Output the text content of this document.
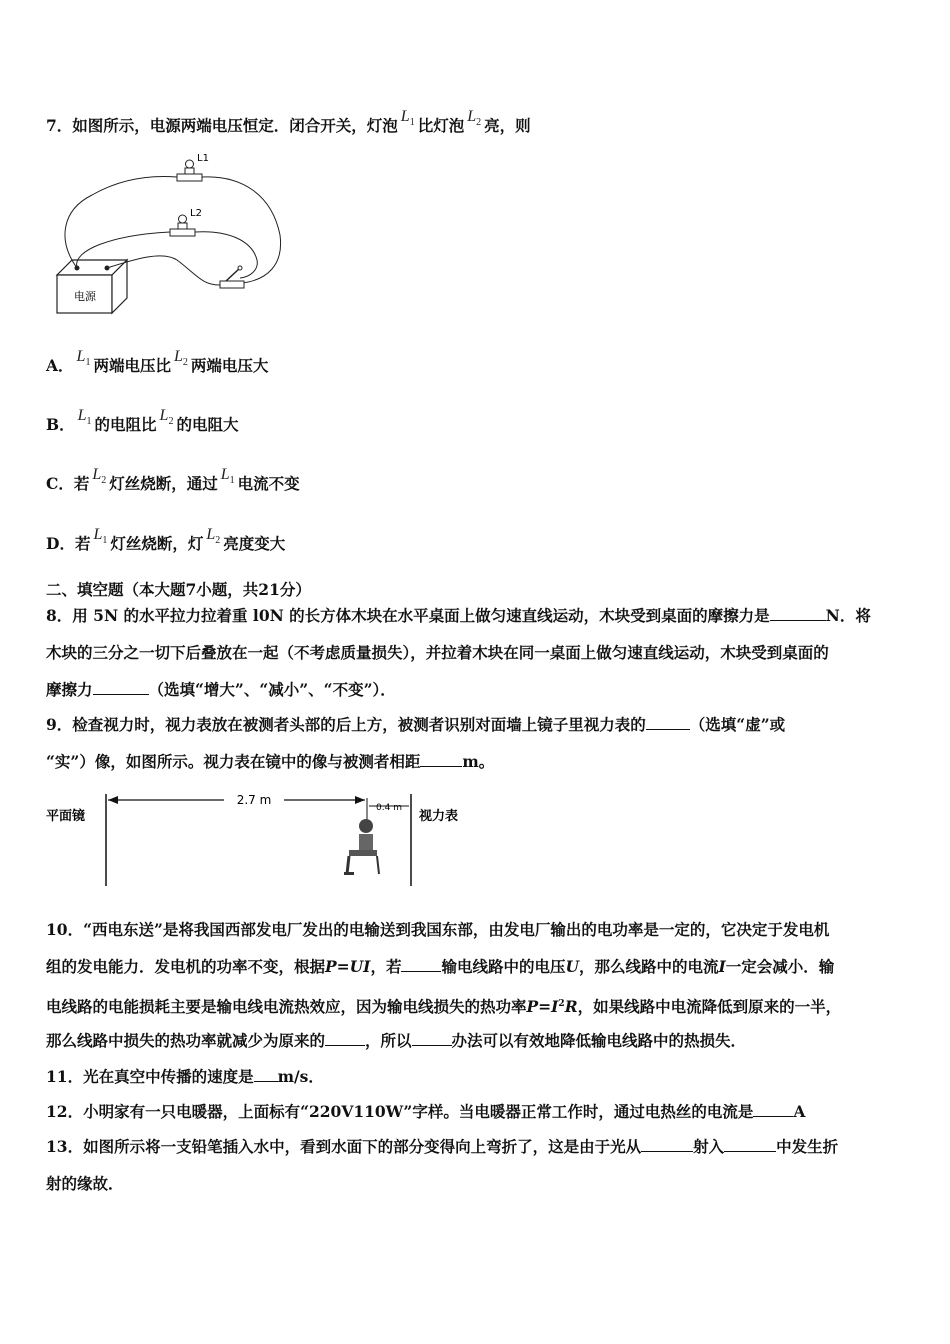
7．如图所示，电源两端电压恒定．闭合开关，灯泡 $L_1$ 比灯泡 $L_2$ 亮，则
电源
L1
L2
A． $L_1$ 两端电压比 $L_2$ 两端电压大
B． $L_1$ 的电阻比 $L_2$ 的电阻大
C．若 $L_2$ 灯丝烧断，通过 $L_1$ 电流不变
D．若 $L_1$ 灯丝烧断，灯 $L_2$ 亮度变大
二、填空题（本大题7小题，共21分）
8．用 5N 的水平拉力拉着重 l0N 的长方体木块在水平桌面上做匀速直线运动，木块受到桌面的摩擦力是	N．将
木块的三分之一切下后叠放在一起（不考虑质量损失），并拉着木块在同一桌面上做匀速直线运动，木块受到桌面的
摩擦力	（选填“增大”、“减小”、“不变”）．
9．检查视力时，视力表放在被测者头部的后上方，被测者识别对面墙上镜子里视力表的	（选填“虚”或
“实”）像，如图所示。视力表在镜中的像与被测者相距	m。
平面镜	视力表
2.7 m
0.4 m
10．“西电东送”是将我国西部发电厂发出的电输送到我国东部，由发电厂输出的电功率是一定的，它决定于发电机
组的发电能力．发电机的功率不变，根据P=UI，若	输电线路中的电压U，那么线路中的电流I一定会减小．输
电线路的电能损耗主要是输电线电流热效应，因为输电线损失的热功率$P=I^2R$，如果线路中电流降低到原来的一半，
那么线路中损失的热功率就减少为原来的	，所以	办法可以有效地降低输电线路中的热损失．
11．光在真空中传播的速度是 m/s．
12．小明家有一只电暖器，上面标有“220V110W”字样。当电暖器正常工作时，通过电热丝的电流是	A
13．如图所示将一支铅笔插入水中，看到水面下的部分变得向上弯折了，这是由于光从	射入	中发生折
射的缘故．
